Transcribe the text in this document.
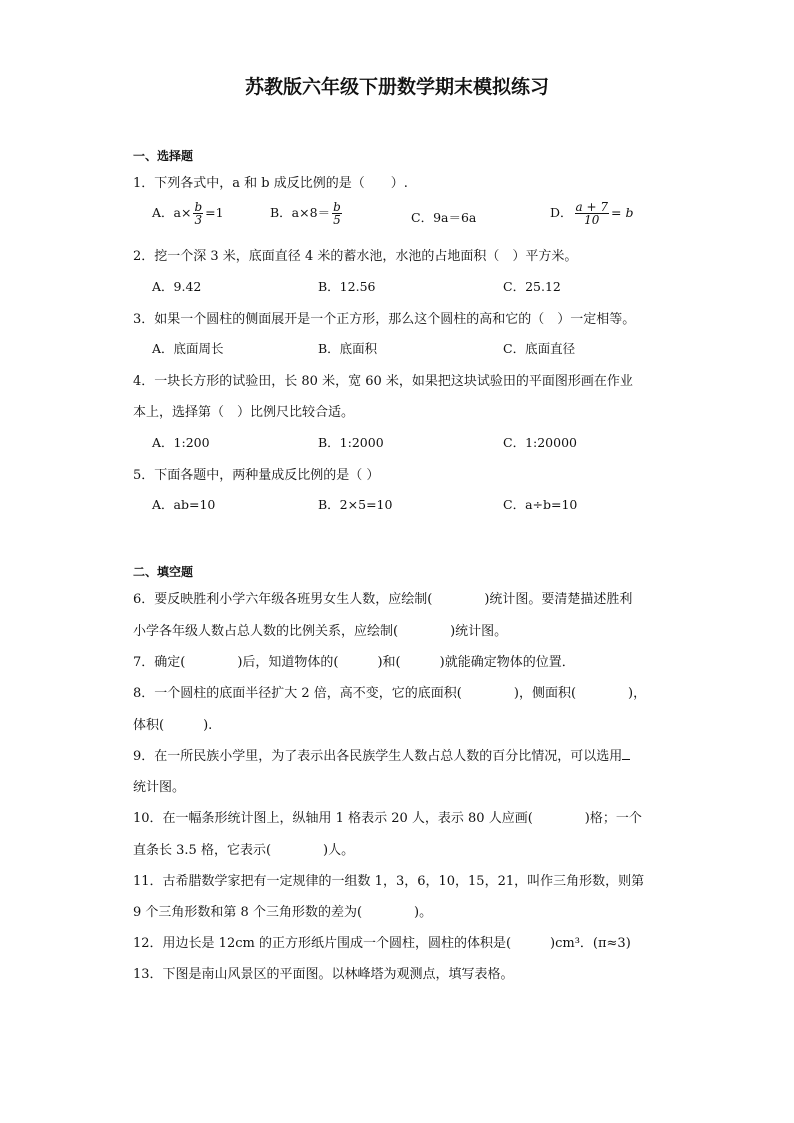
苏教版六年级下册数学期末模拟练习
一、选择题
1．下列各式中，a 和 b 成反比例的是（　　）.
A．$a\times \frac{b}{3} =1$	B．$a\times 8= \frac{b}{5}$	C．9a＝6a	D． $\frac{a + 7}{10} = b$
2．挖一个深 3 米，底面直径 4 米的蓄水池，水池的占地面积（　）平方米。
A．9.42	B．12.56	C．25.12
3．如果一个圆柱的侧面展开是一个正方形，那么这个圆柱的高和它的（　）一定相等。
A．底面周长	B．底面积	C．底面直径
4．一块长方形的试验田，长 80 米，宽 60 米，如果把这块试验田的平面图形画在作业
本上，选择第（　）比例尺比较合适。
A．1:200	B．1:2000	C．1:20000
5．下面各题中，两种量成反比例的是（ ）
A．ab=10	B．2×5=10	C．a÷b=10
二、填空题
6．要反映胜利小学六年级各班男女生人数，应绘制(　　　　)统计图。要清楚描述胜利
小学各年级人数占总人数的比例关系，应绘制(　　　　)统计图。
7．确定(　　　　)后，知道物体的(　　　)和(　　　)就能确定物体的位置．
8．一个圆柱的底面半径扩大 2 倍，高不变，它的底面积(　　　　)，侧面积(　　　　)，
体积(　　　).
9．在一所民族小学里，为了表示出各民族学生人数占总人数的百分比情况，可以选用
统计图。
10．在一幅条形统计图上，纵轴用 1 格表示 20 人，表示 80 人应画(　　　　)格；一个
直条长 3.5 格，它表示(　　　　)人。
11．古希腊数学家把有一定规律的一组数 1，3，6，10，15，21，叫作三角形数，则第
9 个三角形数和第 8 个三角形数的差为(　　　　)。
12．用边长是 12cm 的正方形纸片围成一个圆柱，圆柱的体积是(　　　)cm³．(π≈3)
13．下图是南山风景区的平面图。以林峰塔为观测点，填写表格。
